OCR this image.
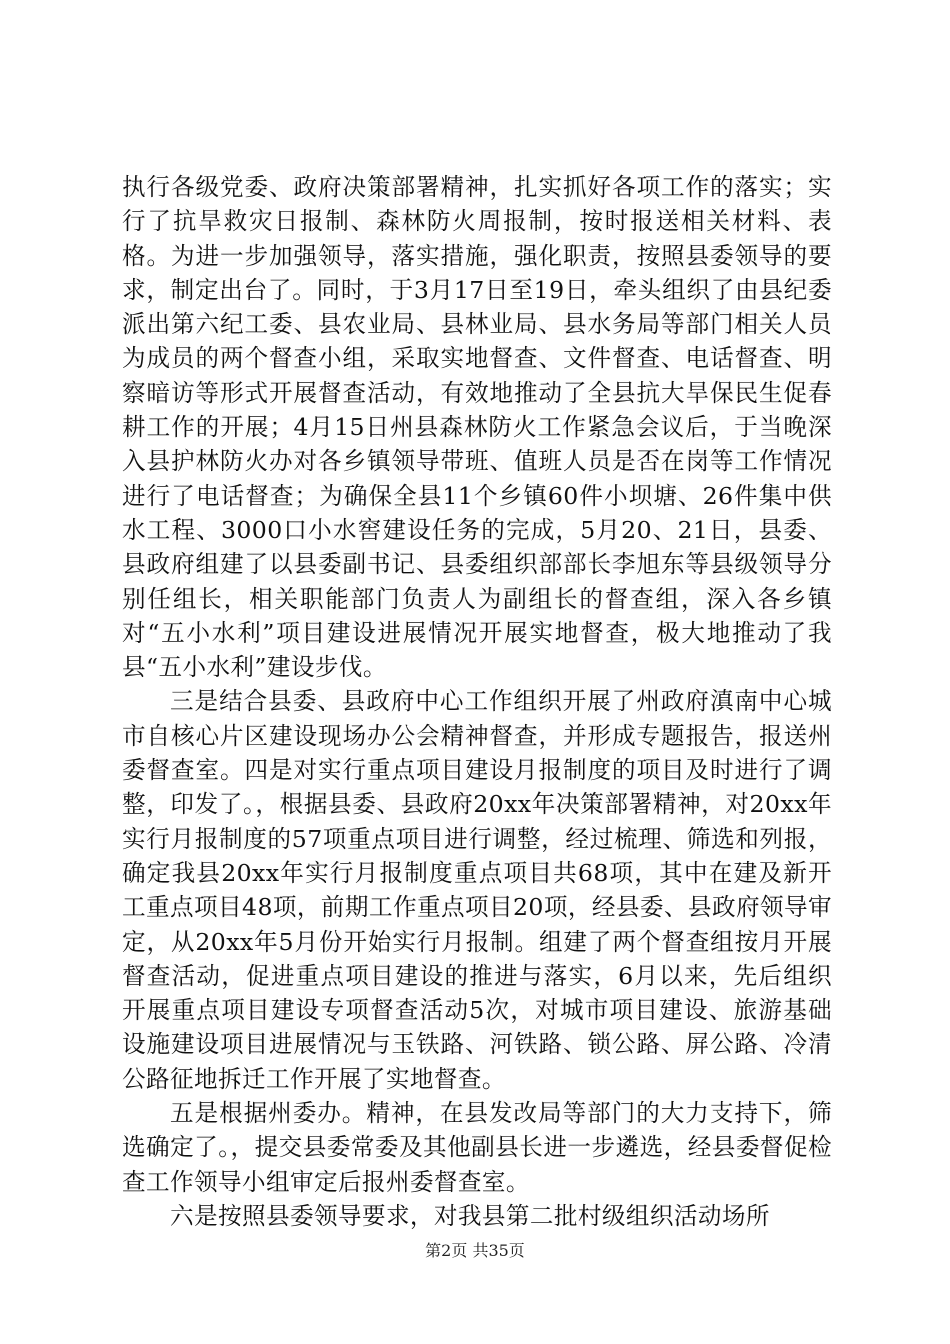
执行各级党委、政府决策部署精神，扎实抓好各项工作的落实；实行了抗旱救灾日报制、森林防火周报制，按时报送相关材料、表格。为进一步加强领导，落实措施，强化职责，按照县委领导的要求，制定出台了。同时，于3月17日至19日，牵头组织了由县纪委派出第六纪工委、县农业局、县林业局、县水务局等部门相关人员为成员的两个督查小组，采取实地督查、文件督查、电话督查、明察暗访等形式开展督查活动，有效地推动了全县抗大旱保民生促春耕工作的开展；4月15日州县森林防火工作紧急会议后，于当晚深入县护林防火办对各乡镇领导带班、值班人员是否在岗等工作情况进行了电话督查；为确保全县11个乡镇60件小坝塘、26件集中供水工程、3000口小水窖建设任务的完成，5月20、21日，县委、县政府组建了以县委副书记、县委组织部部长李旭东等县级领导分别任组长，相关职能部门负责人为副组长的督查组，深入各乡镇对“五小水利”项目建设进展情况开展实地督查，极大地推动了我县“五小水利”建设步伐。

三是结合县委、县政府中心工作组织开展了州政府滇南中心城市自核心片区建设现场办公会精神督查，并形成专题报告，报送州委督查室。四是对实行重点项目建设月报制度的项目及时进行了调整，印发了。，根据县委、县政府20xx年决策部署精神，对20xx年实行月报制度的57项重点项目进行调整，经过梳理、筛选和列报，确定我县20xx年实行月报制度重点项目共68项，其中在建及新开工重点项目48项，前期工作重点项目20项，经县委、县政府领导审定，从20xx年5月份开始实行月报制。组建了两个督查组按月开展督查活动，促进重点项目建设的推进与落实，6月以来，先后组织开展重点项目建设专项督查活动5次，对城市项目建设、旅游基础设施建设项目进展情况与玉铁路、河铁路、锁公路、屏公路、冷清公路征地拆迁工作开展了实地督查。

五是根据州委办。精神，在县发改局等部门的大力支持下，筛选确定了。，提交县委常委及其他副县长进一步遴选，经县委督促检查工作领导小组审定后报州委督查室。

六是按照县委领导要求，对我县第二批村级组织活动场所

第2页 共35页
